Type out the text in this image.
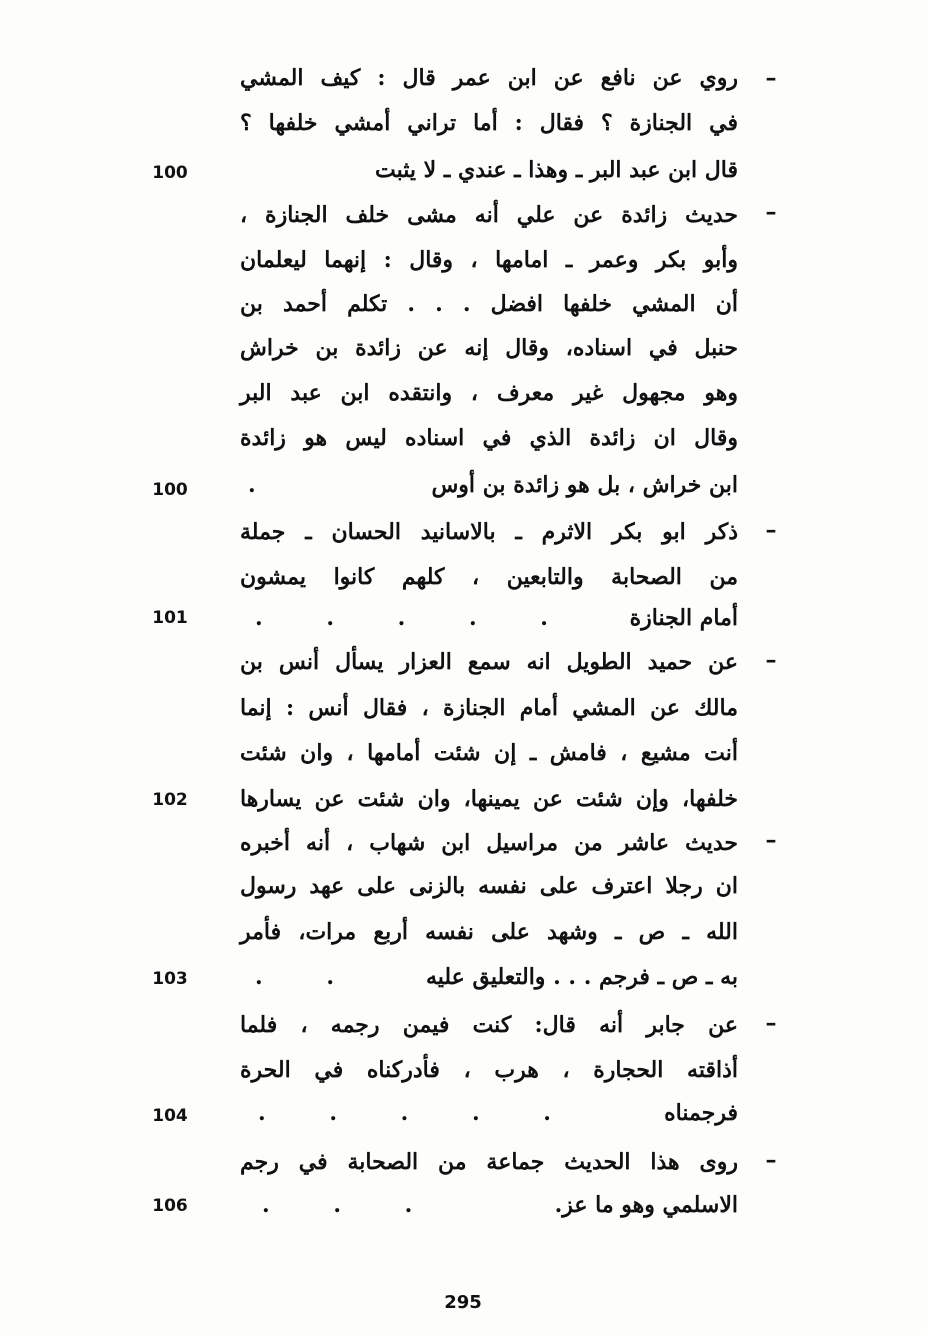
–
روي عن نافع عن ابن عمر قال : كيف المشي
في الجنازة ؟ فقال : أما تراني أمشي خلفها ؟
قال ابن عبد البر ـ وهذا ـ عندي ـ لا يثبت
100
–
حديث زائدة عن علي أنه مشى خلف الجنازة ،
وأبو بكر وعمر ـ امامها ، وقال : إنهما ليعلمان
أن المشي خلفها افضل . . . تكلم أحمد بن
حنبل في اسناده، وقال إنه عن زائدة بن خراش
وهو مجهول غير معرف ، وانتقده ابن عبد البر
وقال ان زائدة الذي في اسناده ليس هو زائدة
ابن خراش ، بل هو زائدة بن أوس
.
100
–
ذكر ابو بكر الاثرم ـ بالاسانيد الحسان ـ جملة
من الصحابة والتابعين ، كلهم كانوا يمشون
أمام الجنازة
. . . . .
101
–
عن حميد الطويل انه سمع العزار يسأل أنس بن
مالك عن المشي أمام الجنازة ، فقال أنس : إنما
أنت مشيع ، فامش ـ إن شئت أمامها ، وان شئت
خلفها، وإن شئت عن يمينها، وان شئت عن يسارها
102
–
حديث عاشر من مراسيل ابن شهاب ، أنه أخبره
ان رجلا اعترف على نفسه بالزنى على عهد رسول
الله ـ ص ـ وشهد على نفسه أربع مرات، فأمر
به ـ ص ـ فرجم . . . والتعليق عليه
. .
103
–
عن جابر أنه قال: كنت فيمن رجمه ، فلما
أذاقته الحجارة ، هرب ، فأدركناه في الحرة
فرجمناه
. . . . .
104
–
روى هذا الحديث جماعة من الصحابة في رجم
الاسلمي وهو ما عز.
. . .
106
295
